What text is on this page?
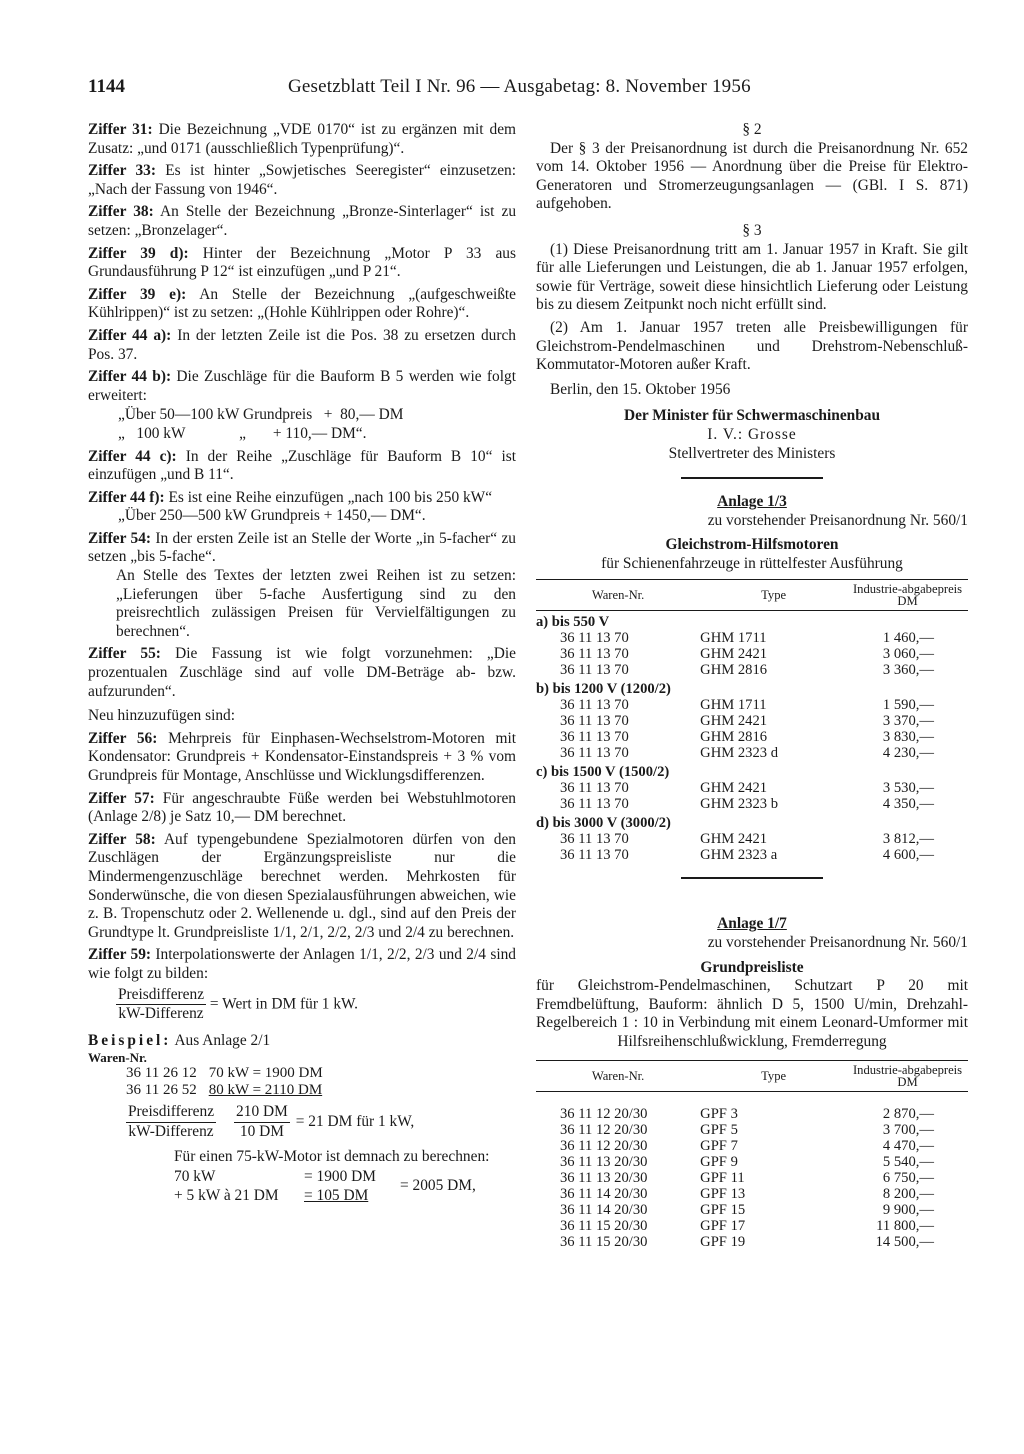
1144	Gesetzblatt Teil I Nr. 96 — Ausgabetag: 8. November 1956

Ziffer 31: Die Bezeichnung „VDE 0170“ ist zu ergänzen mit dem Zusatz: „und 0171 (ausschließlich Typenprüfung)“.

Ziffer 33: Es ist hinter „Sowjetisches Seeregister“ einzusetzen: „Nach der Fassung von 1946“.

Ziffer 38: An Stelle der Bezeichnung „Bronze-Sinterlager“ ist zu setzen: „Bronzelager“.

Ziffer 39 d): Hinter der Bezeichnung „Motor P 33 aus Grundausführung P 12“ ist einzufügen „und P 21“.

Ziffer 39 e): An Stelle der Bezeichnung „(aufgeschweißte Kühlrippen)“ ist zu setzen: „(Hohle Kühlrippen oder Rohre)“.

Ziffer 44 a): In der letzten Zeile ist die Pos. 38 zu ersetzen durch Pos. 37.

Ziffer 44 b): Die Zuschläge für die Bauform B 5 werden wie folgt erweitert:

„Über 50—100 kW Grundpreis   +  80,— DM
„   100 kW              „       + 110,— DM“.

Ziffer 44 c): In der Reihe „Zuschläge für Bauform B 10“ ist einzufügen „und B 11“.

Ziffer 44 f): Es ist eine Reihe einzufügen „nach 100 bis 250 kW“

„Über 250—500 kW Grundpreis + 1450,— DM“.

Ziffer 54: In der ersten Zeile ist an Stelle der Worte „in 5-facher“ zu setzen „bis 5-fache“.

An Stelle des Textes der letzten zwei Reihen ist zu setzen: „Lieferungen über 5-fache Ausfertigung sind zu den preisrechtlich zulässigen Preisen für Vervielfältigungen zu berechnen“.

Ziffer 55: Die Fassung ist wie folgt vorzunehmen: „Die prozentualen Zuschläge sind auf volle DM-Beträge ab- bzw. aufzurunden“.

Neu hinzuzufügen sind:

Ziffer 56: Mehrpreis für Einphasen-Wechselstrom-Motoren mit Kondensator: Grundpreis + Kondensator-Einstandspreis + 3 % vom Grundpreis für Montage, Anschlüsse und Wicklungsdifferenzen.

Ziffer 57: Für angeschraubte Füße werden bei Webstuhlmotoren (Anlage 2/8) je Satz 10,— DM berechnet.

Ziffer 58: Auf typengebundene Spezialmotoren dürfen von den Zuschlägen der Ergänzungspreisliste nur die Mindermengenzuschläge berechnet werden. Mehrkosten für Sonderwünsche, die von diesen Spezialausführungen abweichen, wie z. B. Tropenschutz oder 2. Wellenende u. dgl., sind auf den Preis der Grundtype lt. Grundpreisliste 1/1, 2/1, 2/2, 2/3 und 2/4 zu berechnen.

Ziffer 59: Interpolationswerte der Anlagen 1/1, 2/2, 2/3 und 2/4 sind wie folgt zu bilden:

$\frac{\text{Preisdifferenz}}{\text{kW-Differenz}}$ = Wert in DM für 1 kW.

Beispiel: Aus Anlage 2/1

Waren-Nr.
36 11 26 12	70 kW = 1900 DM
36 11 26 52	80 kW = 2110 DM
$\frac{\text{Preisdifferenz}}{\text{kW-Differenz}} \frac{210 DM}{10 DM} = 21$ DM für 1 kW,

Für einen 75-kW-Motor ist demnach zu berechnen:

70 kW	= 1900 DM
+ 5 kW à 21 DM	= 105 DM
= 2005 DM,
§ 2

Der § 3 der Preisanordnung ist durch die Preisanordnung Nr. 652 vom 14. Oktober 1956 — Anordnung über die Preise für Elektro-Generatoren und Stromerzeugungsanlagen — (GBl. I S. 871) aufgehoben.

§ 3

(1) Diese Preisanordnung tritt am 1. Januar 1957 in Kraft. Sie gilt für alle Lieferungen und Leistungen, die ab 1. Januar 1957 erfolgen, sowie für Verträge, soweit diese hinsichtlich Lieferung oder Leistung bis zu diesem Zeitpunkt noch nicht erfüllt sind.

(2) Am 1. Januar 1957 treten alle Preisbewilligungen für Gleichstrom-Pendelmaschinen und Drehstrom-Nebenschluß-Kommutator-Motoren außer Kraft.

Berlin, den 15. Oktober 1956

Der Minister für Schwermaschinenbau
I. V.: Grosse
Stellvertreter des Ministers
Anlage 1/3
zu vorstehender Preisanordnung Nr. 560/1
Gleichstrom-Hilfsmotoren
für Schienenfahrzeuge in rüttelfester Ausführung
Waren-Nr.	Type	Industrie-abgabepreis DM
a) bis 550 V		
36 11 13 70	GHM 1711	1 460,—
36 11 13 70	GHM 2421	3 060,—
36 11 13 70	GHM 2816	3 360,—
b) bis 1200 V (1200/2)		
36 11 13 70	GHM 1711	1 590,—
36 11 13 70	GHM 2421	3 370,—
36 11 13 70	GHM 2816	3 830,—
36 11 13 70	GHM 2323 d	4 230,—
c) bis 1500 V (1500/2)		
36 11 13 70	GHM 2421	3 530,—
36 11 13 70	GHM 2323 b	4 350,—
d) bis 3000 V (3000/2)		
36 11 13 70	GHM 2421	3 812,—
36 11 13 70	GHM 2323 a	4 600,—
Anlage 1/7
zu vorstehender Preisanordnung Nr. 560/1
Grundpreisliste

für Gleichstrom-Pendelmaschinen, Schutzart P 20 mit Fremdbelüftung, Bauform: ähnlich D 5, 1500 U/min, Drehzahl-Regelbereich 1 : 10 in Verbindung mit einem Leonard-Umformer mit Hilfsreihenschlußwicklung, Fremderregung

Waren-Nr.	Type	Industrie-abgabepreis DM

36 11 12 20/30	GPF 3	2 870,—
36 11 12 20/30	GPF 5	3 700,—
36 11 12 20/30	GPF 7	4 470,—
36 11 13 20/30	GPF 9	5 540,—
36 11 13 20/30	GPF 11	6 750,—
36 11 14 20/30	GPF 13	8 200,—
36 11 14 20/30	GPF 15	9 900,—
36 11 15 20/30	GPF 17	11 800,—
36 11 15 20/30	GPF 19	14 500,—
